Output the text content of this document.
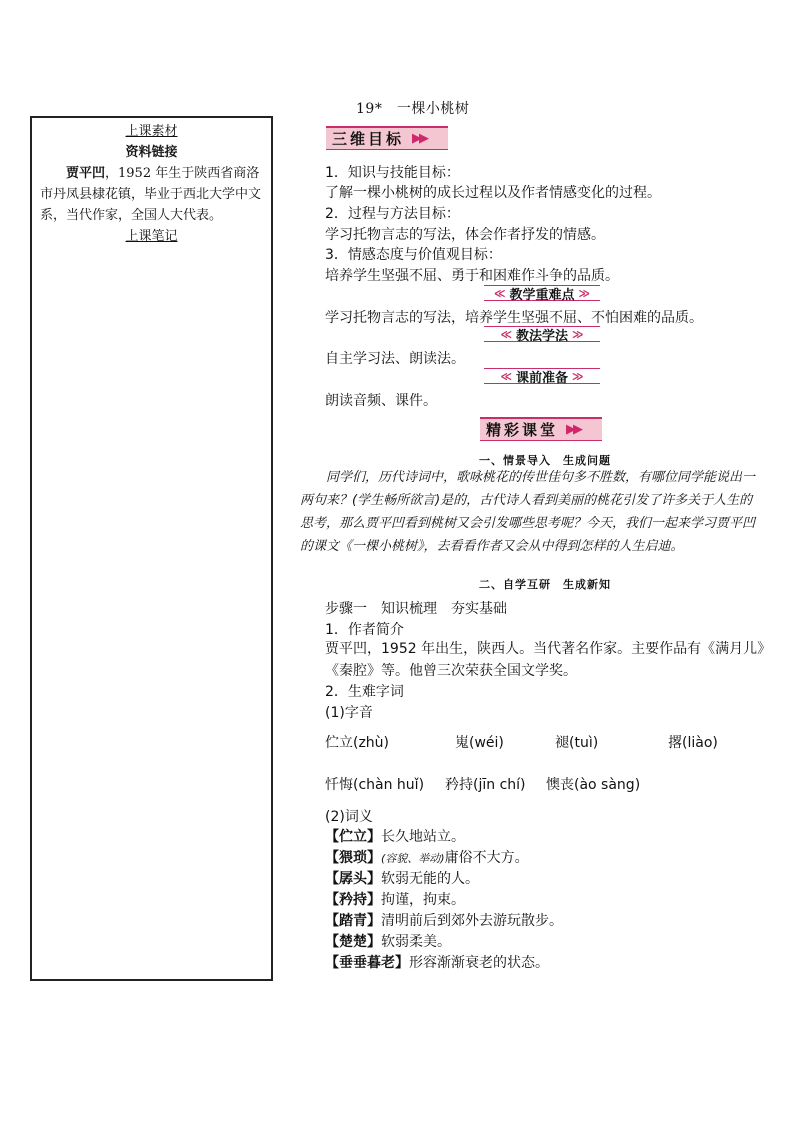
19*　一棵小桃树
上课素材
资料链接
贾平凹，1952 年生于陕西省商洛市丹凤县棣花镇，毕业于西北大学中文系，当代作家，全国人大代表。
上课笔记
三维目标 ▶▶
1．知识与技能目标：
了解一棵小桃树的成长过程以及作者情感变化的过程。
2．过程与方法目标：
学习托物言志的写法，体会作者抒发的情感。
3．情感态度与价值观目标：
培养学生坚强不屈、勇于和困难作斗争的品质。
≪ 教学重难点 ≫
学习托物言志的写法，培养学生坚强不屈、不怕困难的品质。
≪ 教法学法 ≫
自主学习法、朗读法。
≪ 课前准备 ≫
朗读音频、课件。
精彩课堂 ▶▶
一、情景导入　生成问题
同学们，历代诗词中，歌咏桃花的传世佳句多不胜数，有哪位同学能说出一两句来？(学生畅所欲言)是的，古代诗人看到美丽的桃花引发了许多关于人生的思考，那么贾平凹看到桃树又会引发哪些思考呢？今天，我们一起来学习贾平凹的课文《一棵小桃树》，去看看作者又会从中得到怎样的人生启迪。
二、自学互研　生成新知
步骤一　知识梳理　夯实基础
1．作者简介
贾平凹，1952 年出生，陕西人。当代著名作家。主要作品有《满月儿》
《秦腔》等。他曾三次荣获全国文学奖。
2．生难字词
(1)字音
伫立(zhù)	嵬(wéi)	褪(tuì)	撂(liào)
忏悔(chàn huǐ) 矜持(jīn chí) 懊丧(ào sàng)
(2)词义
【伫立】长久地站立。
【猥琐】(容貌、举动)庸俗不大方。
【孱头】软弱无能的人。
【矜持】拘谨，拘束。
【踏青】清明前后到郊外去游玩散步。
【楚楚】软弱柔美。
【垂垂暮老】形容渐渐衰老的状态。
